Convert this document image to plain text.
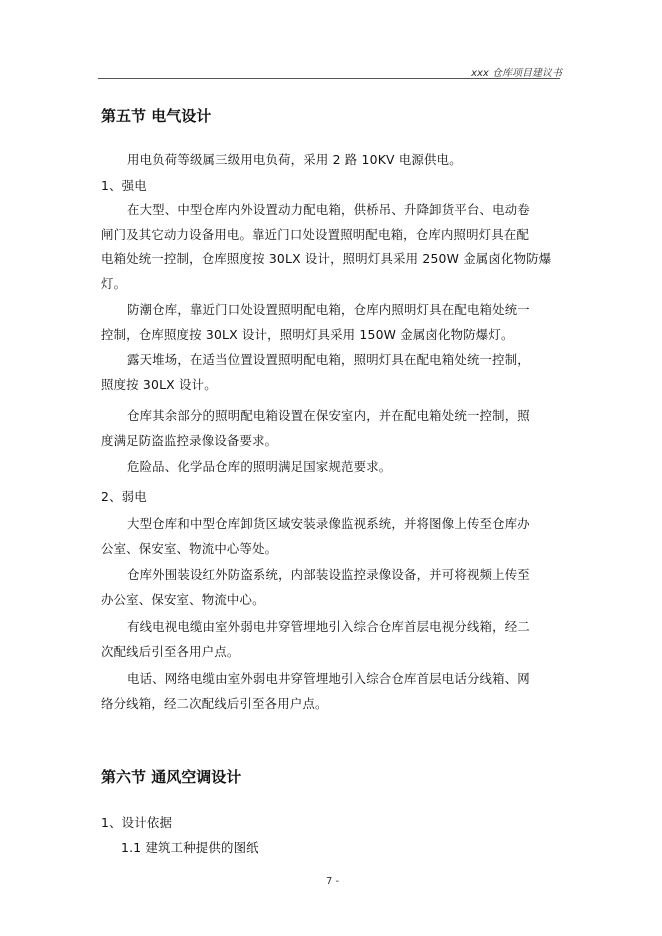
xxx 仓库项目建议书
第五节 电气设计
用电负荷等级属三级用电负荷，采用 2 路 10KV 电源供电。
1、强电
在大型、中型仓库内外设置动力配电箱，供桥吊、升降卸货平台、电动卷
闸门及其它动力设备用电。靠近门口处设置照明配电箱，仓库内照明灯具在配
电箱处统一控制，仓库照度按 30LX 设计，照明灯具采用 250W 金属卤化物防爆
灯。
防潮仓库，靠近门口处设置照明配电箱，仓库内照明灯具在配电箱处统一
控制，仓库照度按 30LX 设计，照明灯具采用 150W 金属卤化物防爆灯。
露天堆场，在适当位置设置照明配电箱，照明灯具在配电箱处统一控制，
照度按 30LX 设计。
仓库其余部分的照明配电箱设置在保安室内，并在配电箱处统一控制，照
度满足防盗监控录像设备要求。
危险品、化学品仓库的照明满足国家规范要求。
2、弱电
大型仓库和中型仓库卸货区域安装录像监视系统，并将图像上传至仓库办
公室、保安室、物流中心等处。
仓库外围装设红外防盗系统，内部装设监控录像设备，并可将视频上传至
办公室、保安室、物流中心。
有线电视电缆由室外弱电井穿管埋地引入综合仓库首层电视分线箱，经二
次配线后引至各用户点。
电话、网络电缆由室外弱电井穿管埋地引入综合仓库首层电话分线箱、网
络分线箱，经二次配线后引至各用户点。
第六节 通风空调设计
1、设计依据
1.1 建筑工种提供的图纸
7 -
